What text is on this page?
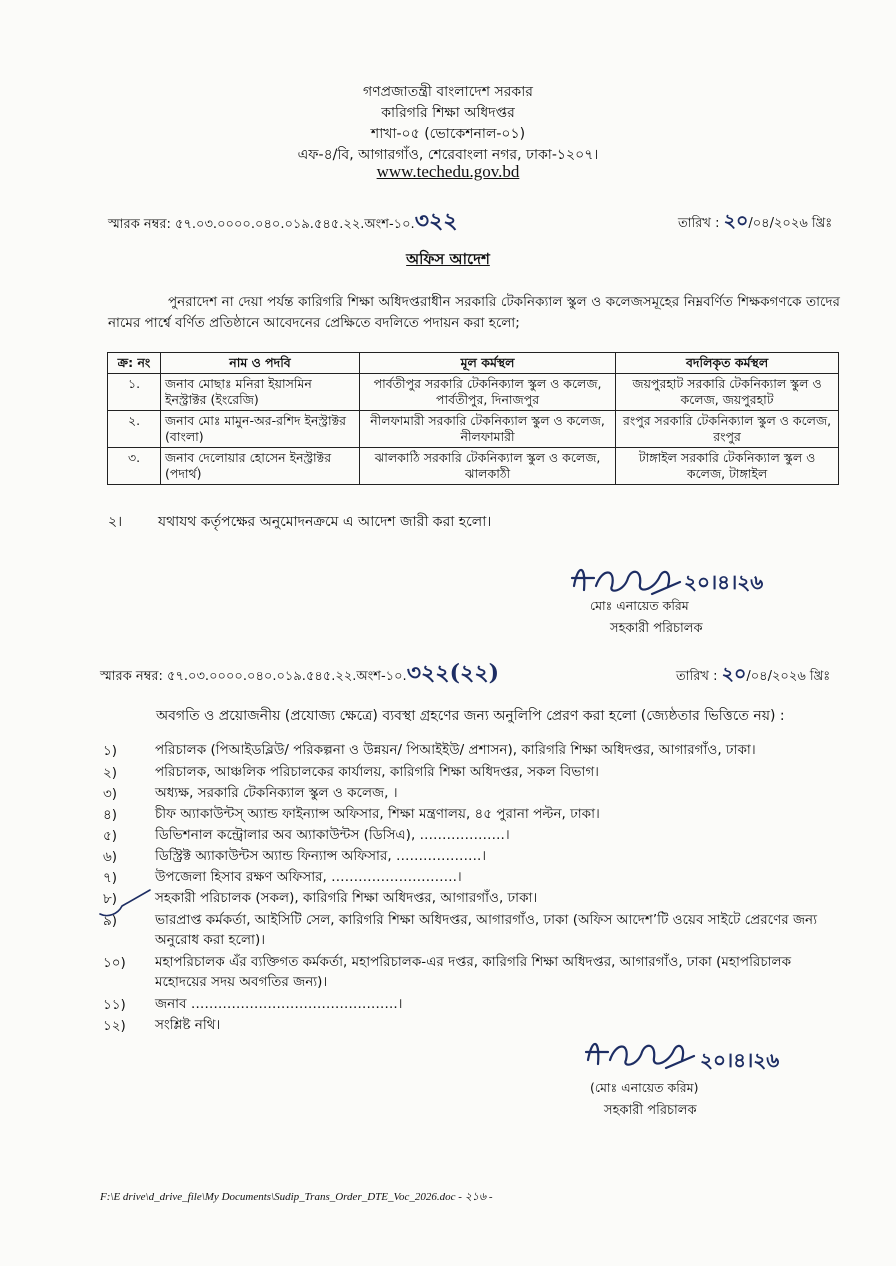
গণপ্রজাতন্ত্রী বাংলাদেশ সরকার
কারিগরি শিক্ষা অধিদপ্তর
শাখা-০৫ (ভোকেশনাল-০১)
এফ-৪/বি, আগারগাঁও, শেরেবাংলা নগর, ঢাকা-১২০৭।
www.techedu.gov.bd
স্মারক নম্বর: ৫৭.০৩.০০০০.০৪০.০১৯.৫৪৫.২২.অংশ-১০.৩২২	তারিখ : ২০/০৪/২০২৬ খ্রিঃ
অফিস আদেশ
পুনরাদেশ না দেয়া পর্যন্ত কারিগরি শিক্ষা অধিদপ্তরাধীন সরকারি টেকনিক্যাল স্কুল ও কলেজসমূহের নিম্নবর্ণিত শিক্ষকগণকে তাদের নামের পার্শ্বে বর্ণিত প্রতিষ্ঠানে আবেদনের প্রেক্ষিতে বদলিতে পদায়ন করা হলো;
ক্র: নং	নাম ও পদবি	মূল কর্মস্থল	বদলিকৃত কর্মস্থল
১.	জনাব মোছাঃ মনিরা ইয়াসমিন ইনস্ট্রাক্টর (ইংরেজি)	পার্বতীপুর সরকারি টেকনিক্যাল স্কুল ও কলেজ, পার্বতীপুর, দিনাজপুর	জয়পুরহাট সরকারি টেকনিক্যাল স্কুল ও কলেজ, জয়পুরহাট
২.	জনাব মোঃ মামুন-অর-রশিদ ইনস্ট্রাক্টর (বাংলা)	নীলফামারী সরকারি টেকনিক্যাল স্কুল ও কলেজ, নীলফামারী	রংপুর সরকারি টেকনিক্যাল স্কুল ও কলেজ, রংপুর
৩.	জনাব দেলোয়ার হোসেন ইনস্ট্রাক্টর (পদার্থ)	ঝালকাঠি সরকারি টেকনিক্যাল স্কুল ও কলেজ, ঝালকাঠী	টাঙ্গাইল সরকারি টেকনিক্যাল স্কুল ও কলেজ, টাঙ্গাইল
২।	যথাযথ কর্তৃপক্ষের অনুমোদনক্রমে এ আদেশ জারী করা হলো।
২০।৪।২৬
মোঃ এনায়েত করিম
সহকারী পরিচালক
স্মারক নম্বর: ৫৭.০৩.০০০০.০৪০.০১৯.৫৪৫.২২.অংশ-১০.৩২২(২২)	তারিখ : ২০/০৪/২০২৬ খ্রিঃ
অবগতি ও প্রয়োজনীয় (প্রযোজ্য ক্ষেত্রে) ব্যবস্থা গ্রহণের জন্য অনুলিপি প্রেরণ করা হলো (জ্যেষ্ঠতার ভিত্তিতে নয়) :
১)	পরিচালক (পিআইডব্লিউ/ পরিকল্পনা ও উন্নয়ন/ পিআইইউ/ প্রশাসন), কারিগরি শিক্ষা অধিদপ্তর, আগারগাঁও, ঢাকা।
২)	পরিচালক, আঞ্চলিক পরিচালকের কার্যালয়, কারিগরি শিক্ষা অধিদপ্তর, সকল বিভাগ।
৩)	অধ্যক্ষ, সরকারি টেকনিক্যাল স্কুল ও কলেজ, ।
৪)	চীফ অ্যাকাউন্টস্ অ্যান্ড ফাইন্যান্স অফিসার, শিক্ষা মন্ত্রণালয়, ৪৫ পুরানা পল্টন, ঢাকা।
৫)	ডিভিশনাল কন্ট্রোলার অব অ্যাকাউন্টস (ডিসিএ), ……………….।
৬)	ডিস্ট্রিক্ট অ্যাকাউন্টস অ্যান্ড ফিন্যান্স অফিসার, ……………….।
৭)	উপজেলা হিসাব রক্ষণ অফিসার, ……………………….।
৮)	সহকারী পরিচালক (সকল), কারিগরি শিক্ষা অধিদপ্তর, আগারগাঁও, ঢাকা।
৯)	ভারপ্রাপ্ত কর্মকর্তা, আইসিটি সেল, কারিগরি শিক্ষা অধিদপ্তর, আগারগাঁও, ঢাকা (অফিস আদেশ’টি ওয়েব সাইটে প্রেরণের জন্য অনুরোধ করা হলো)।
১০) মহাপরিচালক এঁর ব্যক্তিগত কর্মকর্তা, মহাপরিচালক-এর দপ্তর, কারিগরি শিক্ষা অধিদপ্তর, আগারগাঁও, ঢাকা (মহাপরিচালক মহোদয়ের সদয় অবগতির জন্য)।
১১) জনাব ……………………………………….।
১২) সংশ্লিষ্ট নথি।
২০।৪।২৬
(মোঃ এনায়েত করিম)
সহকারী পরিচালক
F:\E drive\d_drive_file\My Documents\Sudip_Trans_Order_DTE_Voc_2026.doc - ২১৬ -
